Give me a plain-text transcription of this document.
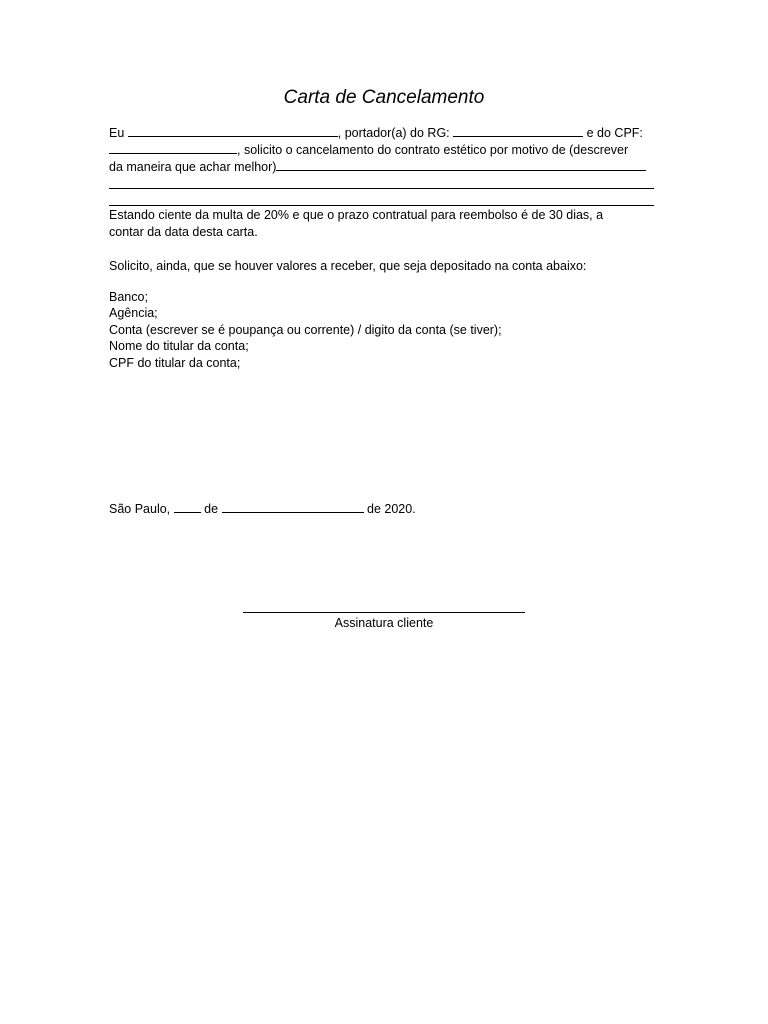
Carta de Cancelamento
Eu	, portador(a) do RG:	e do CPF:
, solicito o cancelamento do contrato estético por motivo de (descrever
da maneira que achar melhor)
Estando ciente da multa de 20% e que o prazo contratual para reembolso é de 30 dias, a
contar da data desta carta.
Solicito, ainda, que se houver valores a receber, que seja depositado na conta abaixo:
Banco;
Agência;
Conta (escrever se é poupança ou corrente) / digito da conta (se tiver);
Nome do titular da conta;
CPF do titular da conta;
São Paulo,	de	de 2020.
Assinatura cliente
